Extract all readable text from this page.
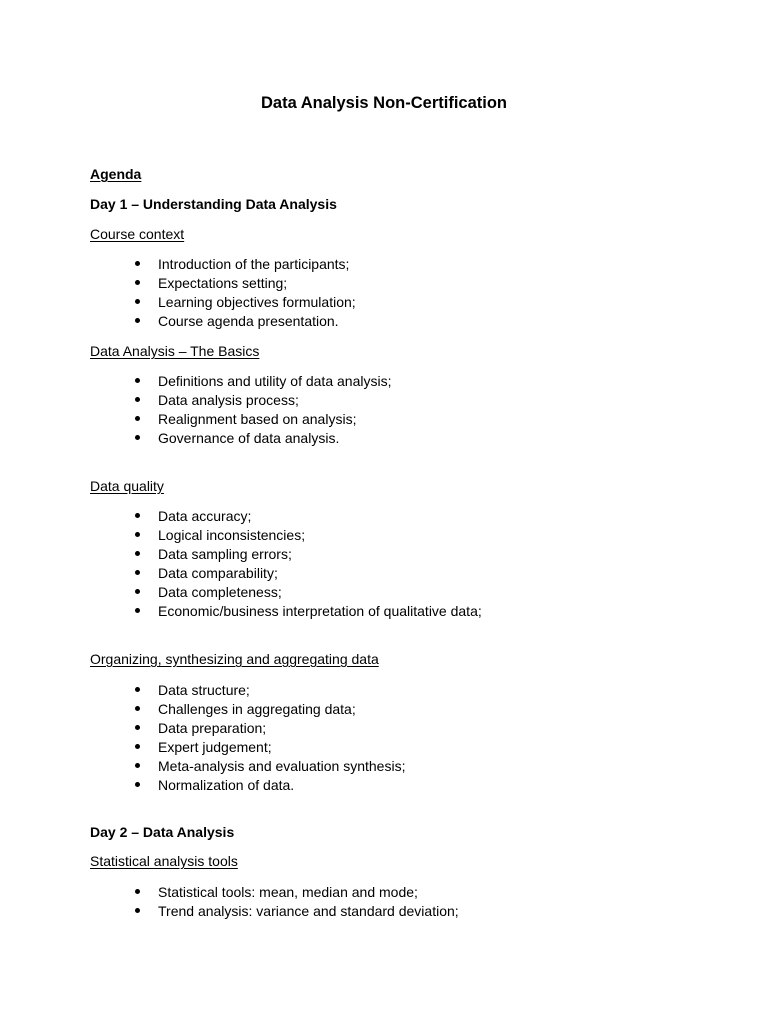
Data Analysis Non-Certification
Agenda
Day 1 – Understanding Data Analysis
Course context
Introduction of the participants;
Expectations setting;
Learning objectives formulation;
Course agenda presentation.
Data Analysis – The Basics
Definitions and utility of data analysis;
Data analysis process;
Realignment based on analysis;
Governance of data analysis.
Data quality
Data accuracy;
Logical inconsistencies;
Data sampling errors;
Data comparability;
Data completeness;
Economic/business interpretation of qualitative data;
Organizing, synthesizing and aggregating data
Data structure;
Challenges in aggregating data;
Data preparation;
Expert judgement;
Meta-analysis and evaluation synthesis;
Normalization of data.
Day 2 – Data Analysis
Statistical analysis tools
Statistical tools: mean, median and mode;
Trend analysis: variance and standard deviation;
